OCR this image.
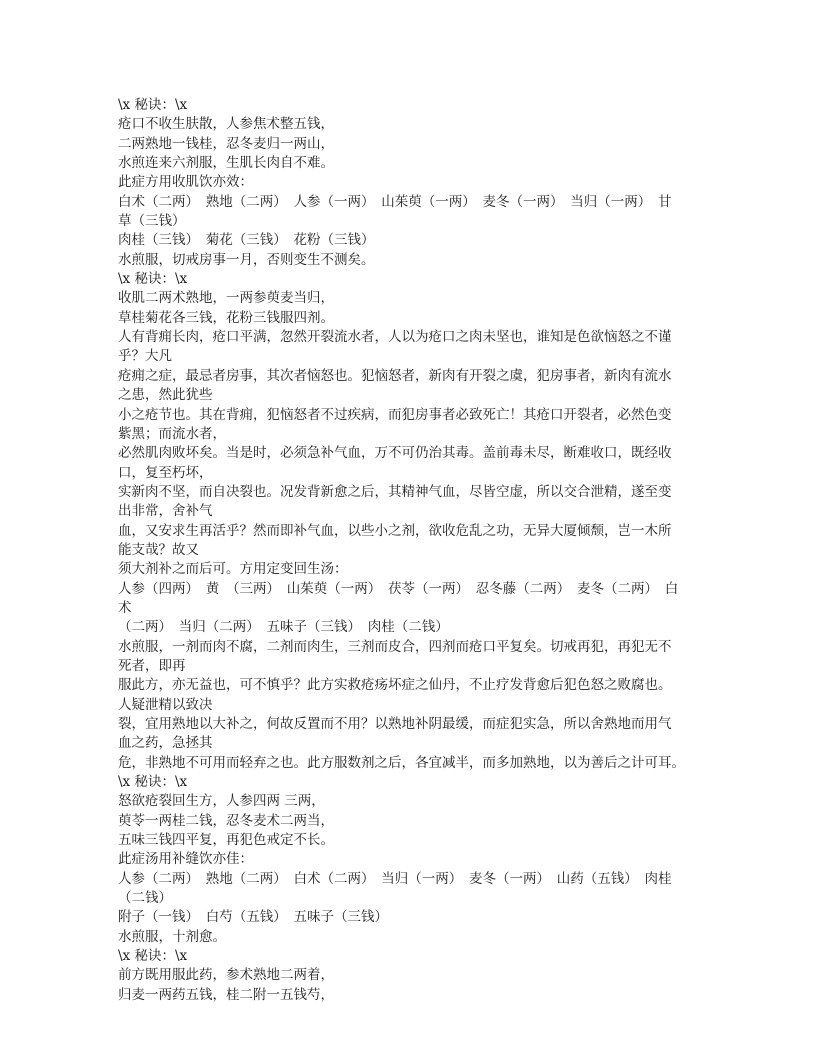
\x 秘诀：\x
疮口不收生肤散，人参焦术整五钱，
二两熟地一钱桂，忍冬麦归一两山，
水煎连来六剂服，生肌长肉自不难。
此症方用收肌饮亦效：
白术（二两）　熟地（二两）　人参（一两）　山茱萸（一两）　麦冬（一两）　当归（一两）　甘
草（三钱）
肉桂（三钱）　菊花（三钱）　花粉（三钱）
水煎服，切戒房事一月，否则变生不测矣。
\x 秘诀：\x
收肌二两术熟地，一两参萸麦当归，
草桂菊花各三钱，花粉三钱服四剂。
人有背痈长肉，疮口平满，忽然开裂流水者，人以为疮口之肉未坚也，谁知是色欲恼怒之不谨
乎？大凡
疮痈之症，最忌者房事，其次者恼怒也。犯恼怒者，新肉有开裂之虞，犯房事者，新肉有流水
之患，然此犹些
小之疮节也。其在背痈，犯恼怒者不过疾病，而犯房事者必致死亡！其疮口开裂者，必然色变
紫黑；而流水者，
必然肌肉败坏矣。当是时，必须急补气血，万不可仍治其毒。盖前毒未尽，断难收口，既经收
口，复至朽坏，
实新肉不坚，而自决裂也。况发背新愈之后，其精神气血，尽皆空虚，所以交合泄精，遂至变
出非常，舍补气
血，又安求生再活乎？然而即补气血，以些小之剂，欲收危乱之功，无异大厦倾颓，岂一木所
能支哉？故又
须大剂补之而后可。方用定变回生汤：
人参（四两）　黄　（三两）　山茱萸（一两）　茯苓（一两）　忍冬藤（二两）　麦冬（二两）　白
术
（二两）　当归（二两）　五味子（三钱）　肉桂（二钱）
水煎服，一剂而肉不腐，二剂而肉生，三剂而皮合，四剂而疮口平复矣。切戒再犯，再犯无不
死者，即再
服此方，亦无益也，可不慎乎？此方实救疮疡坏症之仙丹，不止疗发背愈后犯色怒之败腐也。
人疑泄精以致决
裂，宜用熟地以大补之，何故反置而不用？以熟地补阴最缓，而症犯实急，所以舍熟地而用气
血之药，急拯其
危，非熟地不可用而轻弃之也。此方服数剂之后，各宜减半，而多加熟地，以为善后之计可耳。
\x 秘诀：\x
怒欲疮裂回生方，人参四两 三两，
萸苓一两桂二钱，忍冬麦术二两当，
五味三钱四平复，再犯色戒定不长。
此症汤用补缝饮亦佳：
人参（二两）　熟地（二两）　白术（二两）　当归（一两）　麦冬（一两）　山药（五钱）　肉桂
（二钱）
附子（一钱）　白芍（五钱）　五味子（三钱）
水煎服，十剂愈。
\x 秘诀：\x
前方既用服此药，参术熟地二两着，
归麦一两药五钱，桂二附一五钱芍，
